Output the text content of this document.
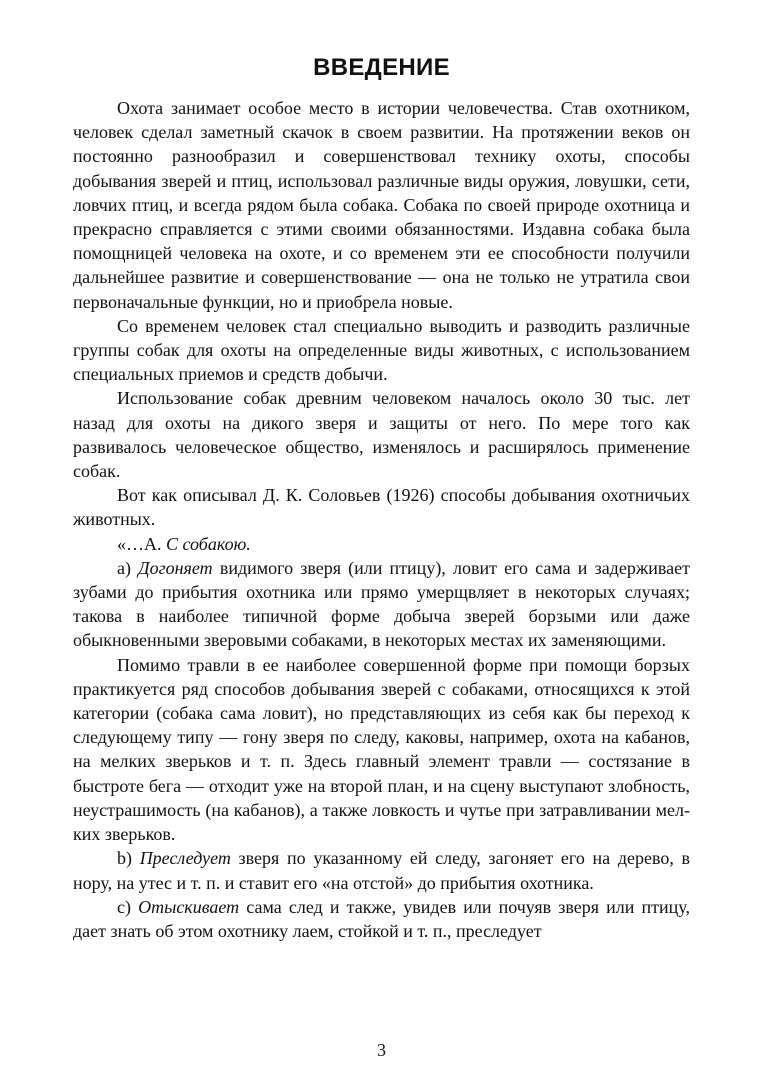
ВВЕДЕНИЕ

Охота занимает особое место в истории человечества. Став охотником, человек сделал заметный скачок в своем развитии. На протяжении веков он постоянно разнообразил и совершенствовал технику охоты, способы добывания зверей и птиц, использовал различные виды оружия, ловушки, сети, ловчих птиц, и всегда рядом была собака. Собака по своей природе охотница и прекрасно справляется с этими своими обязанностями. Издавна собака была помощницей человека на охоте, и со временем эти ее способности получили дальнейшее развитие и совершенствование — она не только не утратила свои первоначальные функции, но и приобрела новые.

Со временем человек стал специально выводить и разводить различные группы собак для охоты на определенные виды животных, с использованием специальных приемов и средств добычи.

Использование собак древним человеком началось около 30 тыс. лет назад для охоты на дикого зверя и защиты от него. По мере того как развивалось человеческое общество, изменялось и расширялось применение собак.

Вот как описывал Д. К. Соловьев (1926) способы добывания охотничьих животных.

«…А. С собакою.

а) Догоняет видимого зверя (или птицу), ловит его сама и задерживает зубами до прибытия охотника или прямо умерщвляет в некоторых случаях; такова в наиболее типичной форме добыча зверей борзыми или даже обыкновенными зверовыми собаками, в некоторых местах их заменяющими.

Помимо травли в ее наиболее совершенной форме при помощи борзых практикуется ряд способов добывания зверей с собаками, относящихся к этой категории (собака сама ловит), но представляющих из себя как бы переход к следующему типу — гону зверя по следу, каковы, например, охота на кабанов, на мелких зверьков и т. п. Здесь главный элемент травли — состязание в быстроте бега — отходит уже на второй план, и на сцену выступают злобность, неустрашимость (на кабанов), а также ловкость и чутье при затравливании мелких зверьков.

b) Преследует зверя по указанному ей следу, загоняет его на дерево, в нору, на утес и т. п. и ставит его «на отстой» до прибытия охотника.

с) Отыскивает сама след и также, увидев или почуяв зверя или птицу, дает знать об этом охотнику лаем, стойкой и т. п., преследует

3
